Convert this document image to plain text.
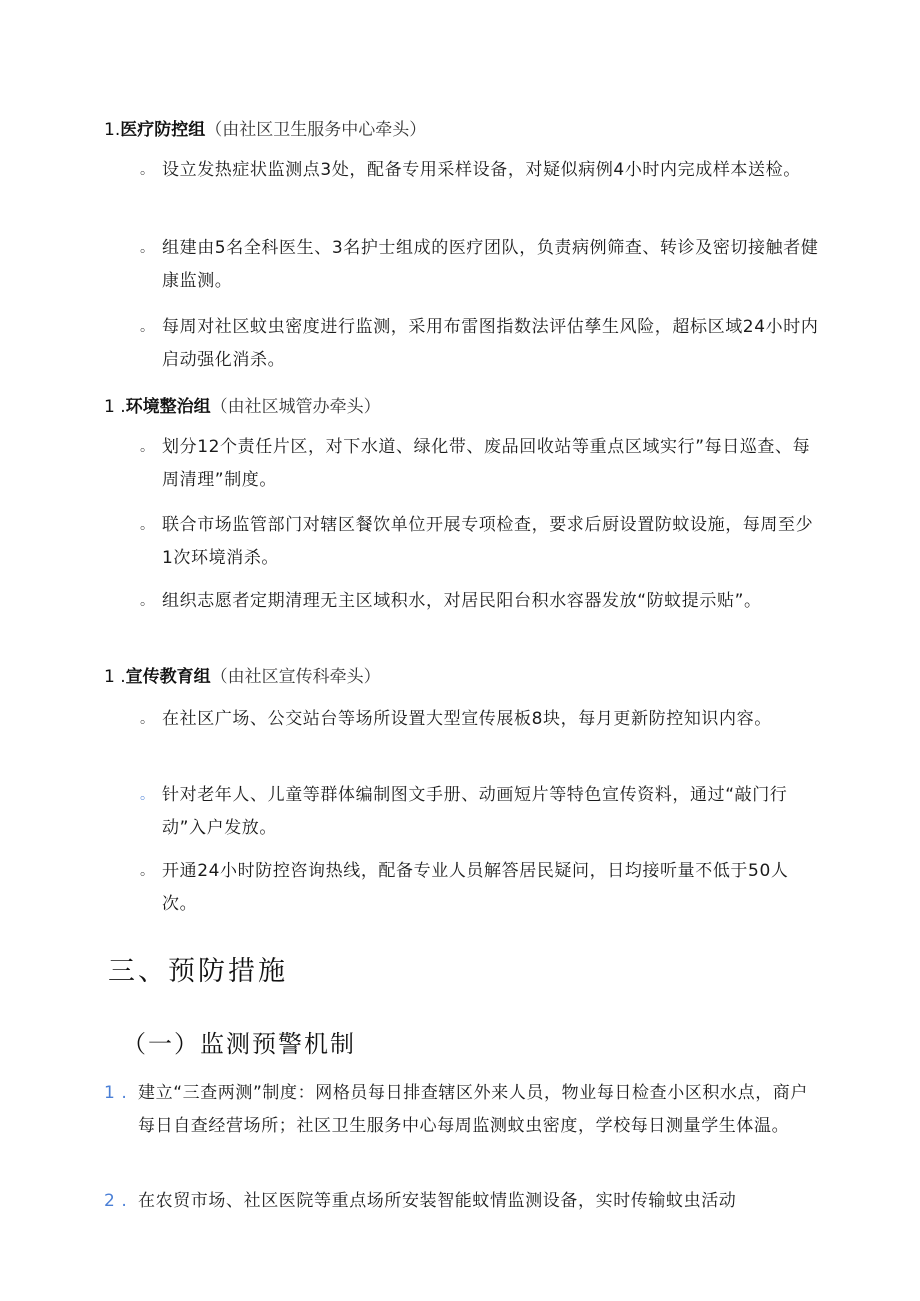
1.医疗防控组（由社区卫生服务中心牵头）
。 设立发热症状监测点3处，配备专用采样设备，对疑似病例4小时内完成样本送检。
。 组建由5名全科医生、3名护士组成的医疗团队，负责病例筛查、转诊及密切接触者健康监测。
。 每周对社区蚊虫密度进行监测，采用布雷图指数法评估孳生风险，超标区域24小时内启动强化消杀。
1 .环境整治组（由社区城管办牵头）
。 划分12个责任片区，对下水道、绿化带、废品回收站等重点区域实行”每日巡查、每周清理”制度。
。 联合市场监管部门对辖区餐饮单位开展专项检查，要求后厨设置防蚊设施，每周至少1次环境消杀。
。 组织志愿者定期清理无主区域积水，对居民阳台积水容器发放“防蚊提示贴”。
1 .宣传教育组（由社区宣传科牵头）
。 在社区广场、公交站台等场所设置大型宣传展板8块，每月更新防控知识内容。
。 针对老年人、儿童等群体编制图文手册、动画短片等特色宣传资料，通过“敲门行动”入户发放。
。 开通24小时防控咨询热线，配备专业人员解答居民疑问，日均接听量不低于50人次。
三、预防措施
（一）监测预警机制
1 . 建立“三查两测”制度：网格员每日排查辖区外来人员，物业每日检查小区积水点，商户每日自查经营场所；社区卫生服务中心每周监测蚊虫密度，学校每日测量学生体温。
2 . 在农贸市场、社区医院等重点场所安装智能蚊情监测设备，实时传输蚊虫活动
